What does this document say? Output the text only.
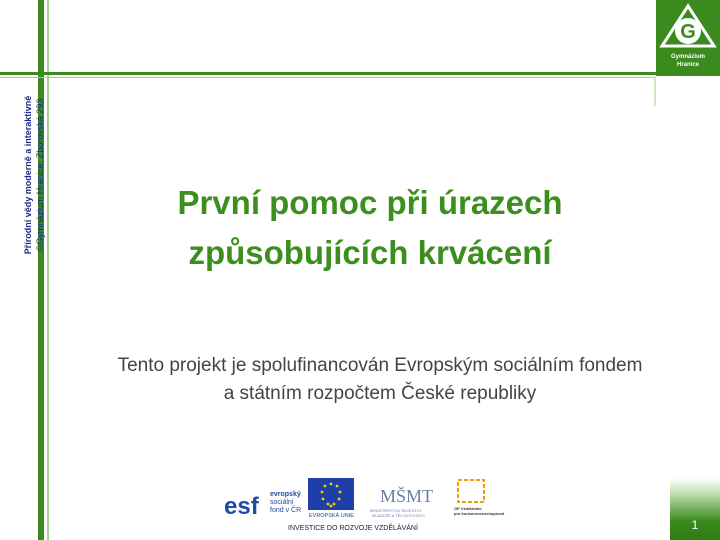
Přírodní vědy moderně a interaktivně ©Gymnázium Hranice, Zborovská 293
G
Gymnázium
Hranice
První pomoc při úrazech
způsobujících krvácení
Tento projekt je spolufinancován Evropským sociálním fondem
a státním rozpočtem České republiky
esf evropský
sociální
fond v ČR
EVROPSKÁ UNIE
MŠMT
MINISTERSTVO ŠKOLSTVÍ,
MLÁDEŽE A TĚLOVÝCHOVY
OP Vzdělávání
pro konkurenceschopnost
INVESTICE DO ROZVOJE VZDĚLÁVÁNÍ	1
